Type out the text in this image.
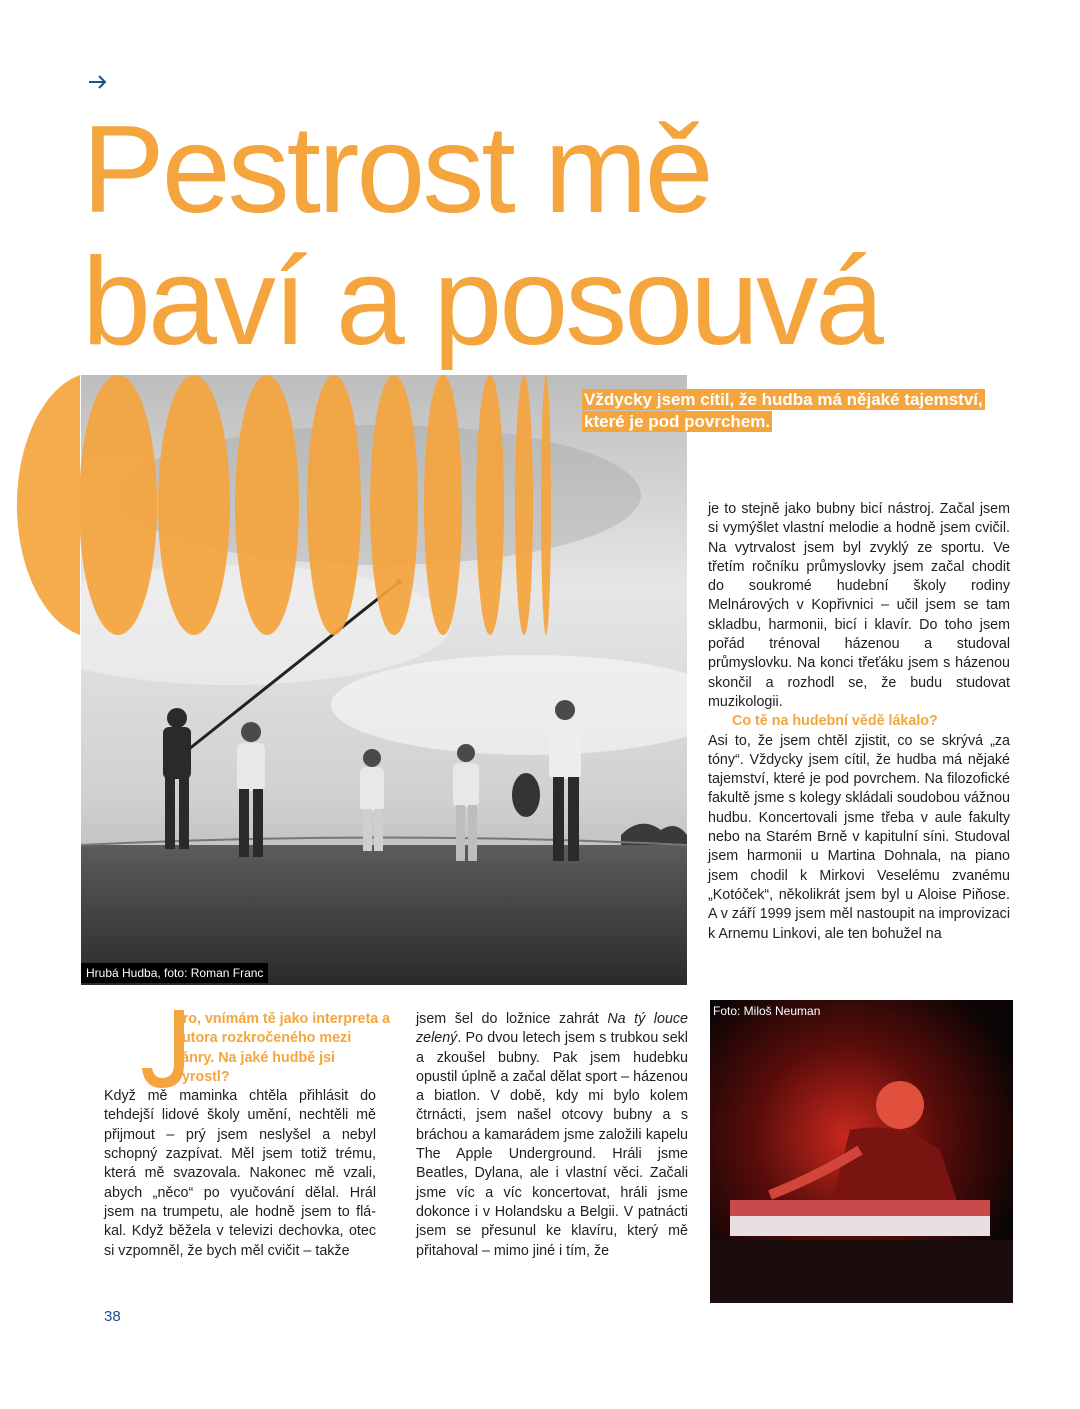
Pestrost mě
baví a posouvá
Hrubá Hudba, foto: Roman Franc

Vždycky jsem cítil, že hudba má nějaké tajemství, které je pod povrchem.

je to stejně jako bubny bicí nástroj. Začal jsem si vymýšlet vlastní melodie a hodně jsem cvičil. Na vytrvalost jsem byl zvyklý ze sportu. Ve třetím ročníku průmyslovky jsem začal chodit do soukromé hudební školy rodiny Melnárových v Kopřivnici – učil jsem se tam skladbu, harmonii, bicí i klavír. Do toho jsem pořád trénoval házenou a studoval průmyslovku. Na konci třeťáku jsem s házenou skončil a rozhodl se, že budu studovat muzikologii.

Co tě na hudební vědě lákalo?

Asi to, že jsem chtěl zjistit, co se skrývá „za tóny“. Vždycky jsem cítil, že hudba má nějaké tajemství, které je pod povrchem. Na filozofické fakultě jsme s kolegy skládali soudobou vážnou hudbu. Koncertovali jsme třeba v aule fakulty nebo na Starém Brně v kapitulní síni. Studoval jsem harmonii u Martina Dohnala, na piano jsem chodil k Mirkovi Veselému zvanému „Kotóček“, několikrát jsem byl u Aloise Piňose. A v září 1999 jsem měl nastoupit na improvizaci k Arnemu Linkovi, ale ten bohužel na

uro, vnímám tě jako interpreta a autora rozkročeného mezi žánry. Na jaké hudbě jsi vyrostl?

Když mě maminka chtěla přihlásit do tehdejší lidové školy umění, nechtěli mě přijmout – prý jsem neslyšel a nebyl schopný zazpívat. Měl jsem totiž trému, která mě svazovala. Nakonec mě vzali, abych „něco“ po vyučování dělal. Hrál jsem na trumpetu, ale hodně jsem to flákal. Když běžela v televizi dechovka, otec si vzpomněl, že bych měl cvičit – takže

jsem šel do ložnice zahrát Na tý louce zelený. Po dvou letech jsem s trubkou sekl a zkoušel bubny. Pak jsem hudebku opustil úplně a začal dělat sport – házenou a biatlon. V době, kdy mi bylo kolem čtrnácti, jsem našel otcovy bubny a s bráchou a kamarádem jsme založili kapelu The Apple Underground. Hráli jsme Beatles, Dylana, ale i vlastní věci. Začali jsme víc a víc koncertovat, hráli jsme dokonce i v Holandsku a Belgii. V patnácti jsem se přesunul ke klavíru, který mě přitahoval – mimo jiné i tím, že

Foto: Miloš Neuman
38
